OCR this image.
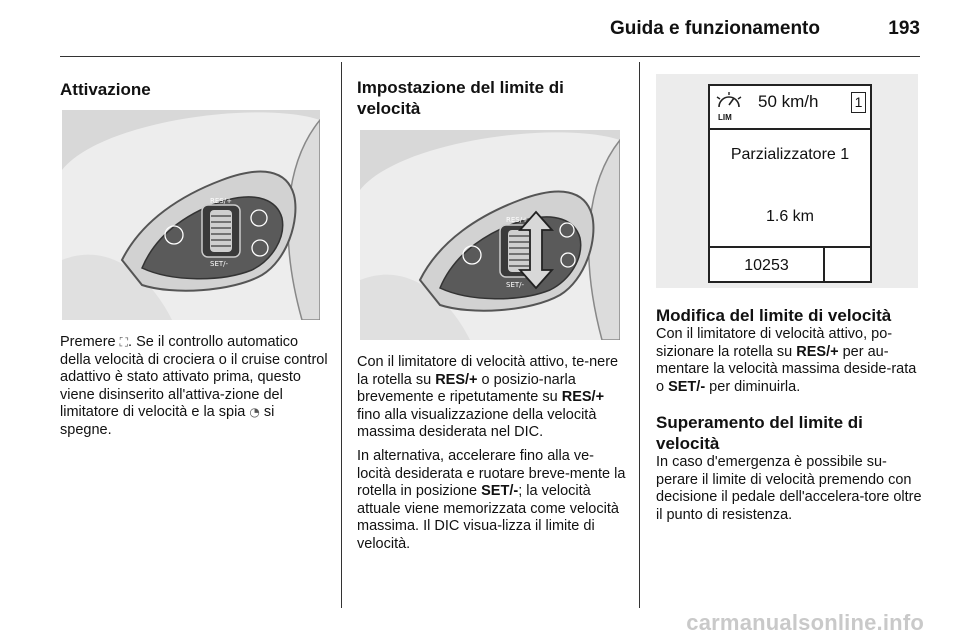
Guida e funzionamento	193
Attivazione
RES/+
SET/-
Premere ⛶. Se il controllo automatico della velocità di crociera o il cruise control adattivo è stato attivato prima, questo viene disinserito all'attiva-zione del limitatore di velocità e la spia ◔ si spegne.
Impostazione del limite di velocità
RES/+
SET/-
Con il limitatore di velocità attivo, te-nere la rotella su RES/+ o posizio-narla brevemente e ripetutamente su RES/+ fino alla visualizzazione della velocità massima desiderata nel DIC.
In alternativa, accelerare fino alla ve-locità desiderata e ruotare breve-mente la rotella in posizione SET/-; la velocità attuale viene memorizzata come velocità massima. Il DIC visua-lizza il limite di velocità.
LIM
50 km/h	1
Parzializzatore 1
1.6 km
10253
Modifica del limite di velocità
Con il limitatore di velocità attivo, po-sizionare la rotella su RES/+ per au-mentare la velocità massima deside-rata o SET/- per diminuirla.
Superamento del limite di velocità
In caso d'emergenza è possibile su-perare il limite di velocità premendo con decisione il pedale dell'accelera-tore oltre il punto di resistenza.
carmanualsonline.info
